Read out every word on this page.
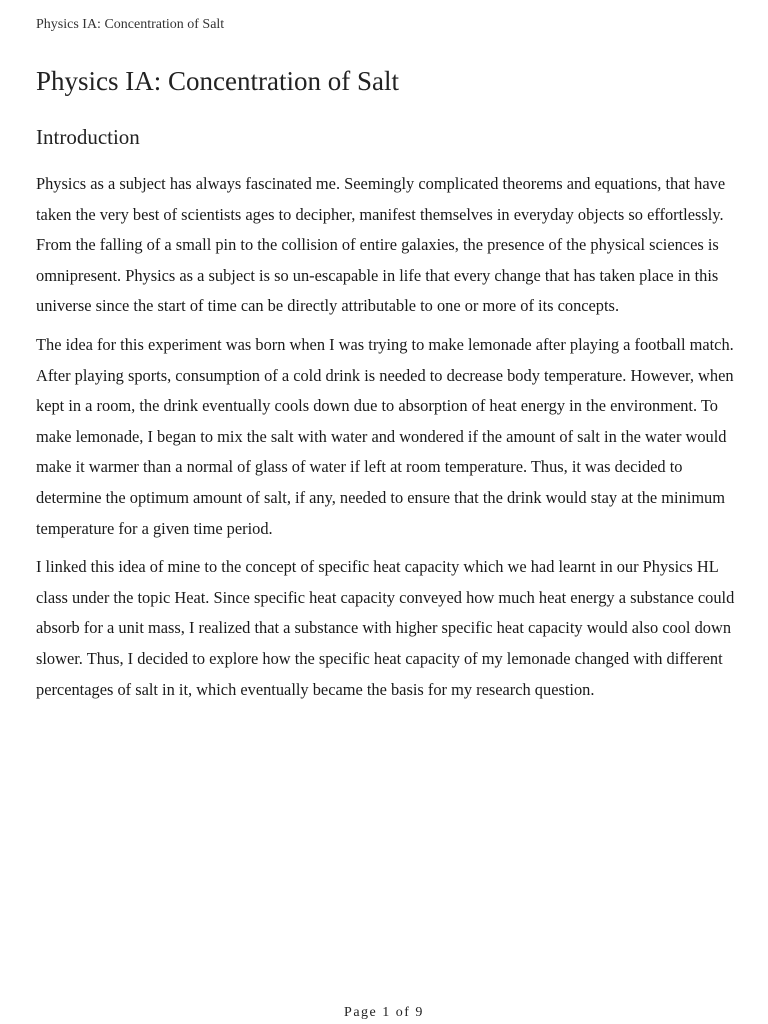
Physics IA: Concentration of Salt
Physics IA: Concentration of Salt
Introduction

Physics as a subject has always fascinated me. Seemingly complicated theorems and equations, that have taken the very best of scientists ages to decipher, manifest themselves in everyday objects so effortlessly. From the falling of a small pin to the collision of entire galaxies, the presence of the physical sciences is omnipresent. Physics as a subject is so un-escapable in life that every change that has taken place in this universe since the start of time can be directly attributable to one or more of its concepts.

The idea for this experiment was born when I was trying to make lemonade after playing a football match. After playing sports, consumption of a cold drink is needed to decrease body temperature. However, when kept in a room, the drink eventually cools down due to absorption of heat energy in the environment. To make lemonade, I began to mix the salt with water and wondered if the amount of salt in the water would make it warmer than a normal of glass of water if left at room temperature. Thus, it was decided to determine the optimum amount of salt, if any, needed to ensure that the drink would stay at the minimum temperature for a given time period.

I linked this idea of mine to the concept of specific heat capacity which we had learnt in our Physics HL class under the topic Heat. Since specific heat capacity conveyed how much heat energy a substance could absorb for a unit mass, I realized that a substance with higher specific heat capacity would also cool down slower. Thus, I decided to explore how the specific heat capacity of my lemonade changed with different percentages of salt in it, which eventually became the basis for my research question.

Page 1 of 9
